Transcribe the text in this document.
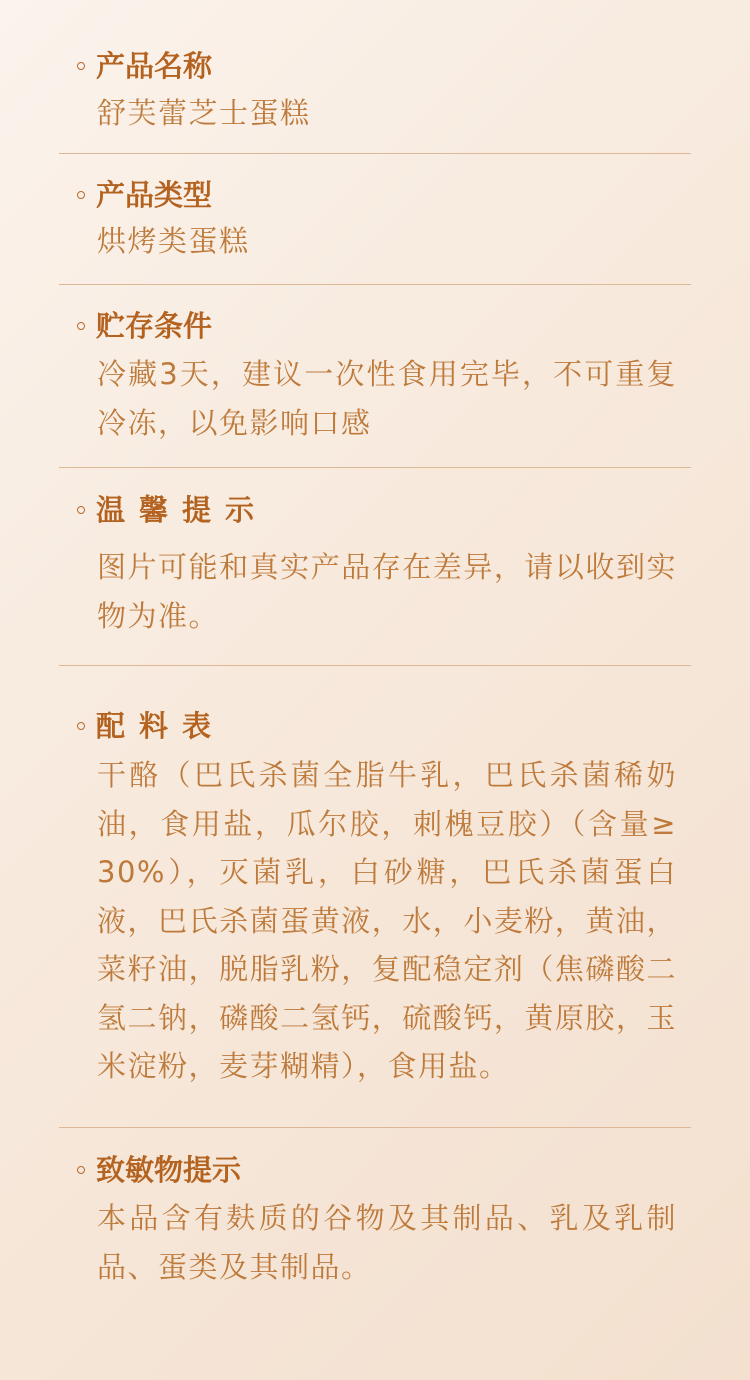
产品名称
舒芙蕾芝士蛋糕
产品类型
烘烤类蛋糕
贮存条件
冷藏3天，建议一次性食用完毕，不可重复冷冻，以免影响口感
温馨提示
图片可能和真实产品存在差异，请以收到实物为准。
配料表
干酪（巴氏杀菌全脂牛乳，巴氏杀菌稀奶油，食用盐，瓜尔胶，刺槐豆胶）（含量≥30%），灭菌乳，白砂糖，巴氏杀菌蛋白液，巴氏杀菌蛋黄液，水，小麦粉，黄油，菜籽油，脱脂乳粉，复配稳定剂（焦磷酸二氢二钠，磷酸二氢钙，硫酸钙，黄原胶，玉米淀粉，麦芽糊精），食用盐。
致敏物提示
本品含有麸质的谷物及其制品、乳及乳制品、蛋类及其制品。
